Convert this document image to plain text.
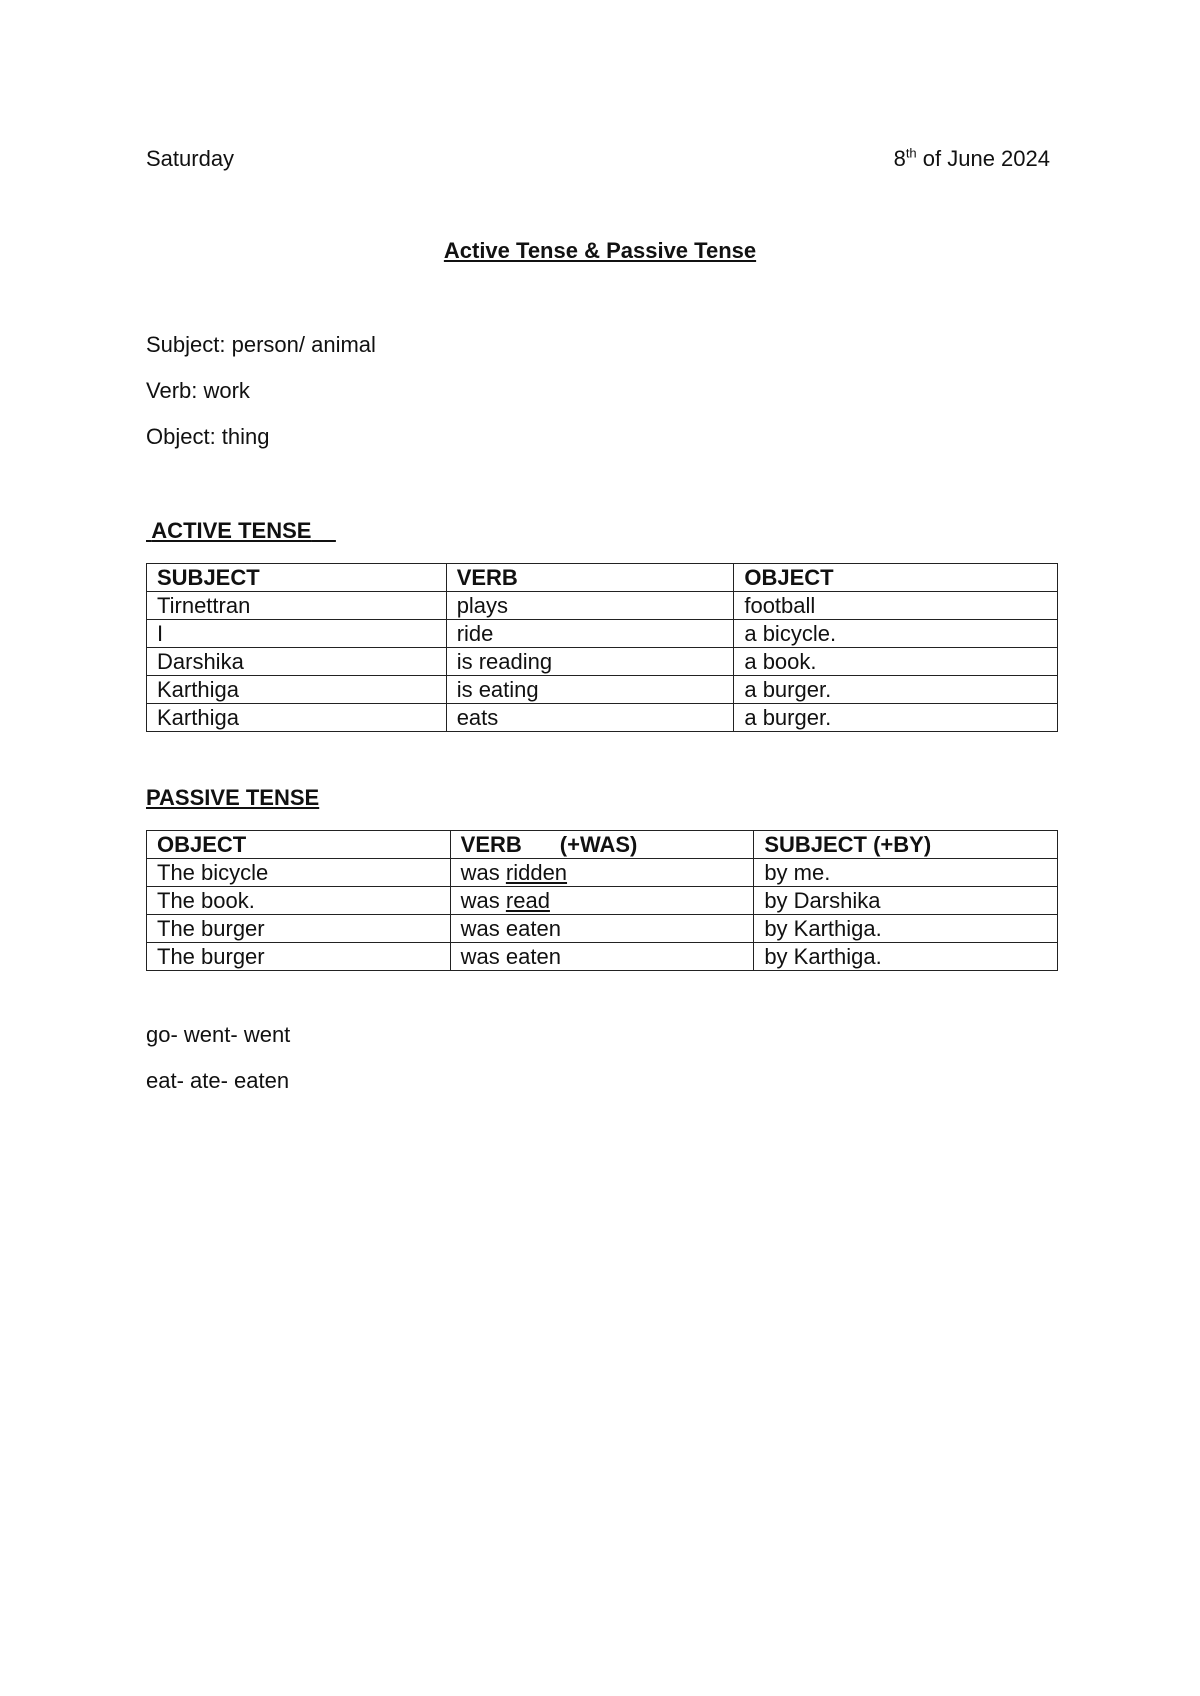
Saturday	8th of June 2024
Active Tense & Passive Tense
Subject: person/ animal
Verb: work
Object: thing
ACTIVE TENSE
SUBJECT	VERB	OBJECT
Tirnettran	plays	football
I	ride	a bicycle.
Darshika	is reading	a book.
Karthiga	is eating	a burger.
Karthiga	eats	a burger.
PASSIVE TENSE
OBJECT	VERB (+WAS)	SUBJECT (+BY)
The bicycle	was ridden	by me.
The book.	was read	by Darshika
The burger	was eaten	by Karthiga.
The burger	was eaten	by Karthiga.
go- went- went
eat- ate- eaten
